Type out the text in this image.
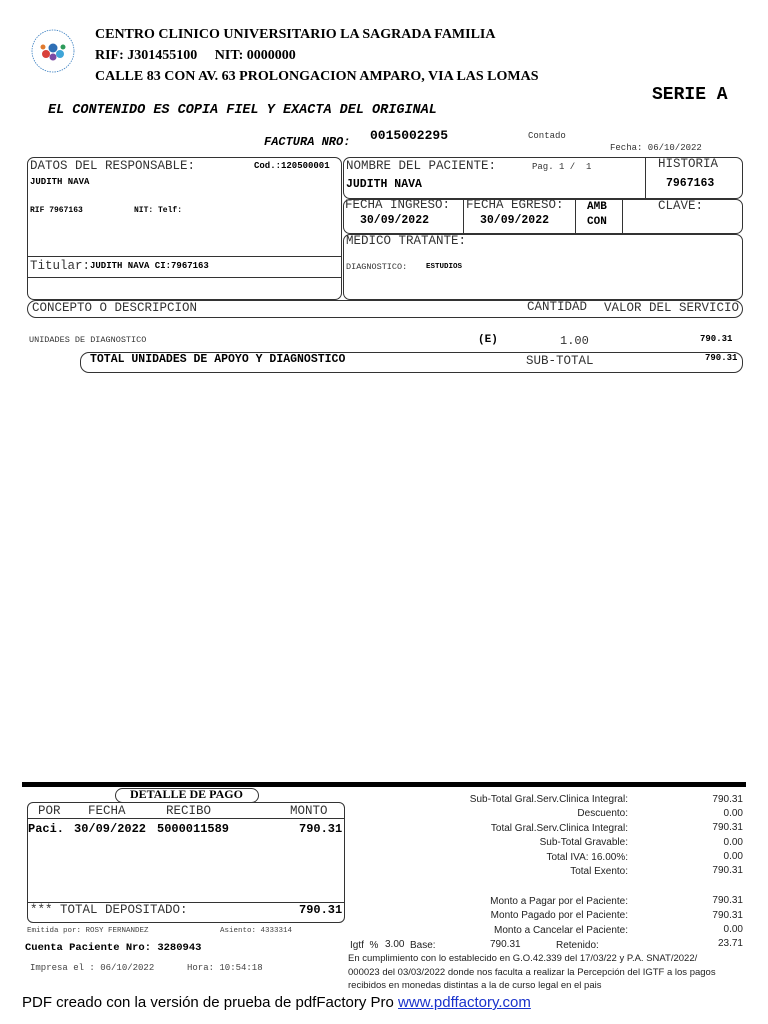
CENTRO CLINICO UNIVERSITARIO LA SAGRADA FAMILIA
RIF: J301455100     NIT: 0000000
CALLE 83 CON AV. 63 PROLONGACION AMPARO, VIA LAS LOMAS
SERIE A
EL CONTENIDO ES COPIA FIEL Y EXACTA DEL ORIGINAL
FACTURA NRO: 0015002295	Contado
Fecha: 06/10/2022
DATOS DEL RESPONSABLE:	Cod.:120500001
JUDITH NAVA
RIF 7967163	NIT: Telf:
Titular: JUDITH NAVA CI:7967163
NOMBRE DEL PACIENTE:	Pag. 1 /  1
JUDITH NAVA
HISTORIA
7967163
FECHA INGRESO:
30/09/2022
FECHA EGRESO:
30/09/2022
AMB
CON
CLAVE:
MEDICO TRATANTE:
DIAGNOSTICO:	ESTUDIOS
CONCEPTO O DESCRIPCION	CANTIDAD VALOR DEL SERVICIO
UNIDADES DE DIAGNOSTICO	(E)	1.00	790.31
TOTAL UNIDADES DE APOYO Y DIAGNOSTICO	SUB-TOTAL	790.31
DETALLE DE PAGO
POR FECHA	RECIBO	MONTO
Paci. 30/09/2022 5000011589	790.31
*** TOTAL DEPOSITADO:	790.31
Emitida por: ROSY FERNANDEZ	Asiento: 4333314
Cuenta Paciente Nro: 3280943
Impresa el : 06/10/2022	Hora: 10:54:18
Sub-Total Gral.Serv.Clinica Integral:	790.31
Descuento:	0.00
Total Gral.Serv.Clinica Integral:	790.31
Sub-Total Gravable:	0.00
Total IVA: 16.00%:	0.00
Total Exento:	790.31
Monto a Pagar por el Paciente:	790.31
Monto Pagado por el Paciente:	790.31
Monto a Cancelar el Paciente:	0.00
Igtf  % 3.00 Base:	790.31	Retenido:	23.71
En cumplimiento con lo establecido en G.O.42.339 del 17/03/22 y P.A. SNAT/2022/
000023 del 03/03/2022 donde nos faculta a realizar la Percepción del IGTF a los pagos
recibidos en monedas distintas a la de curso legal en el pais
PDF creado con la versión de prueba de pdfFactory Pro www.pdffactory.com
